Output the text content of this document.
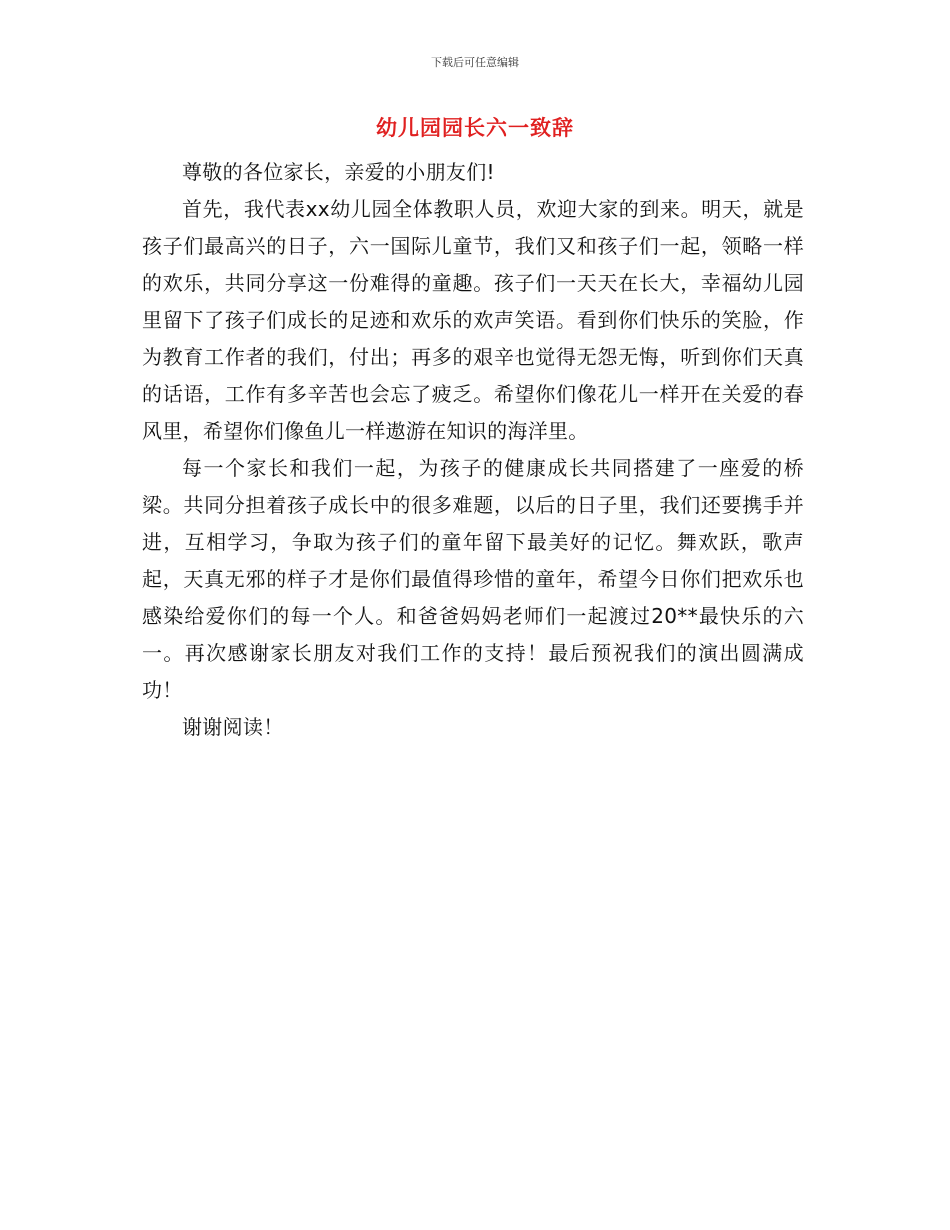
下载后可任意编辑
幼儿园园长六一致辞

尊敬的各位家长，亲爱的小朋友们!

首先，我代表xx幼儿园全体教职人员，欢迎大家的到来。明天，就是孩子们最高兴的日子，六一国际儿童节，我们又和孩子们一起，领略一样的欢乐，共同分享这一份难得的童趣。孩子们一天天在长大，幸福幼儿园里留下了孩子们成长的足迹和欢乐的欢声笑语。看到你们快乐的笑脸，作为教育工作者的我们，付出；再多的艰辛也觉得无怨无悔，听到你们天真的话语，工作有多辛苦也会忘了疲乏。希望你们像花儿一样开在关爱的春风里，希望你们像鱼儿一样遨游在知识的海洋里。

每一个家长和我们一起，为孩子的健康成长共同搭建了一座爱的桥梁。共同分担着孩子成长中的很多难题，以后的日子里，我们还要携手并进，互相学习，争取为孩子们的童年留下最美好的记忆。舞欢跃，歌声起，天真无邪的样子才是你们最值得珍惜的童年，希望今日你们把欢乐也感染给爱你们的每一个人。和爸爸妈妈老师们一起渡过20**最快乐的六一。再次感谢家长朋友对我们工作的支持！最后预祝我们的演出圆满成功！

谢谢阅读！
